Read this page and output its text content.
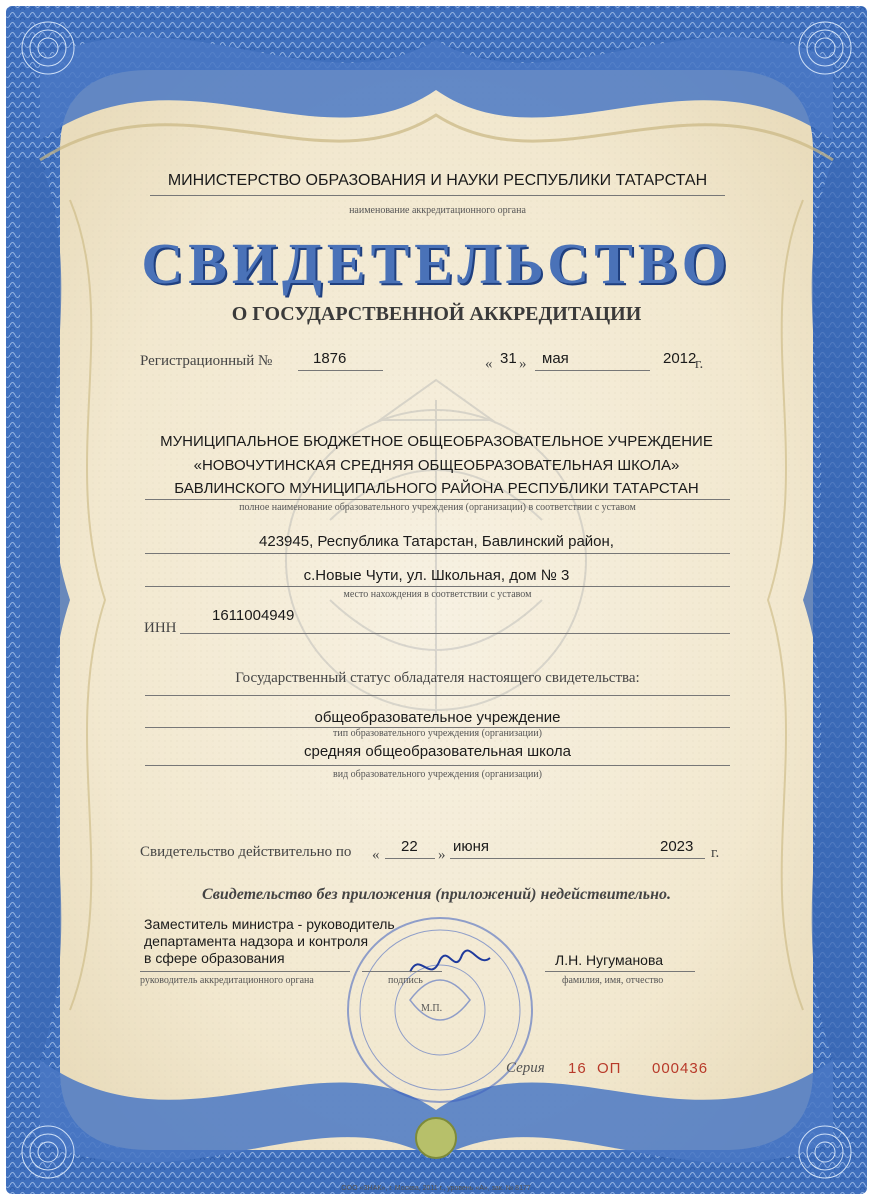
МИНИСТЕРСТВО ОБРАЗОВАНИЯ И НАУКИ РЕСПУБЛИКИ ТАТАРСТАН
наименование аккредитационного органа
СВИДЕТЕЛЬСТВО
О ГОСУДАРСТВЕННОЙ АККРЕДИТАЦИИ
Регистрационный №	1876	« 31 » мая	2012
г.
МУНИЦИПАЛЬНОЕ БЮДЖЕТНОЕ ОБЩЕОБРАЗОВАТЕЛЬНОЕ УЧРЕЖДЕНИЕ
«НОВОЧУТИНСКАЯ СРЕДНЯЯ ОБЩЕОБРАЗОВАТЕЛЬНАЯ ШКОЛА»
БАВЛИНСКОГО МУНИЦИПАЛЬНОГО РАЙОНА РЕСПУБЛИКИ ТАТАРСТАН
полное наименование образовательного учреждения (организации) в соответствии с уставом
423945, Республика Татарстан, Бавлинский район,
с.Новые Чути, ул. Школьная, дом № 3
место нахождения в соответствии с уставом
ИНН
1611004949
Государственный статус обладателя настоящего свидетельства:
общеобразовательное учреждение
тип образовательного учреждения (организации)
средняя общеобразовательная школа
вид образовательного учреждения (организации)
Свидетельство действительно по « 22 » июня	2023 г.
Свидетельство без приложения (приложений) недействительно.
Заместитель министра - руководитель
департамента надзора и контроля
в сфере образования
руководитель аккредитационного органа	подпись
Л.Н. Нугуманова
фамилия, имя, отчество
М.П.
Серия 16  ОП 000436
ООО «ЗНАК», г. Москва, 2011 г., уровень «А», зак. № 8177
